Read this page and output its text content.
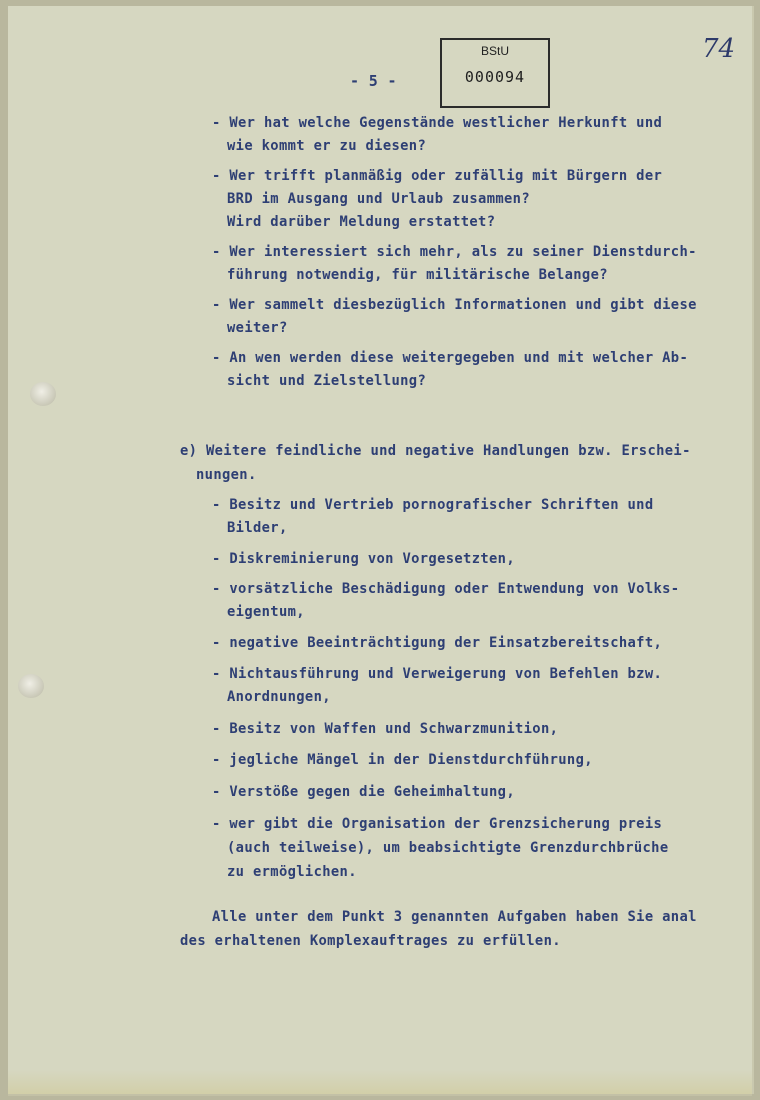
- 5 -

BStU
000094

74

- Wer hat welche Gegenstände westlicher Herkunft und

wie kommt er zu diesen?

- Wer trifft planmäßig oder zufällig mit Bürgern der

BRD im Ausgang und Urlaub zusammen?

Wird darüber Meldung erstattet?

- Wer interessiert sich mehr, als zu seiner Dienstdurch-

führung notwendig, für militärische Belange?

- Wer sammelt diesbezüglich Informationen und gibt diese

weiter?

- An wen werden diese weitergegeben und mit welcher Ab-

sicht und Zielstellung?

e) Weitere feindliche und negative Handlungen bzw. Erschei-

nungen.

- Besitz und Vertrieb pornografischer Schriften und

Bilder,

- Diskreminierung von Vorgesetzten,

- vorsätzliche Beschädigung oder Entwendung von Volks-

eigentum,

- negative Beeinträchtigung der Einsatzbereitschaft,

- Nichtausführung und Verweigerung von Befehlen bzw.

Anordnungen,

- Besitz von Waffen und Schwarzmunition,

- jegliche Mängel in der Dienstdurchführung,

- Verstöße gegen die Geheimhaltung,

- wer gibt die Organisation der Grenzsicherung preis

(auch teilweise), um beabsichtigte Grenzdurchbrüche

zu ermöglichen.

Alle unter dem Punkt 3 genannten Aufgaben haben Sie anal

des erhaltenen Komplexauftrages zu erfüllen.
